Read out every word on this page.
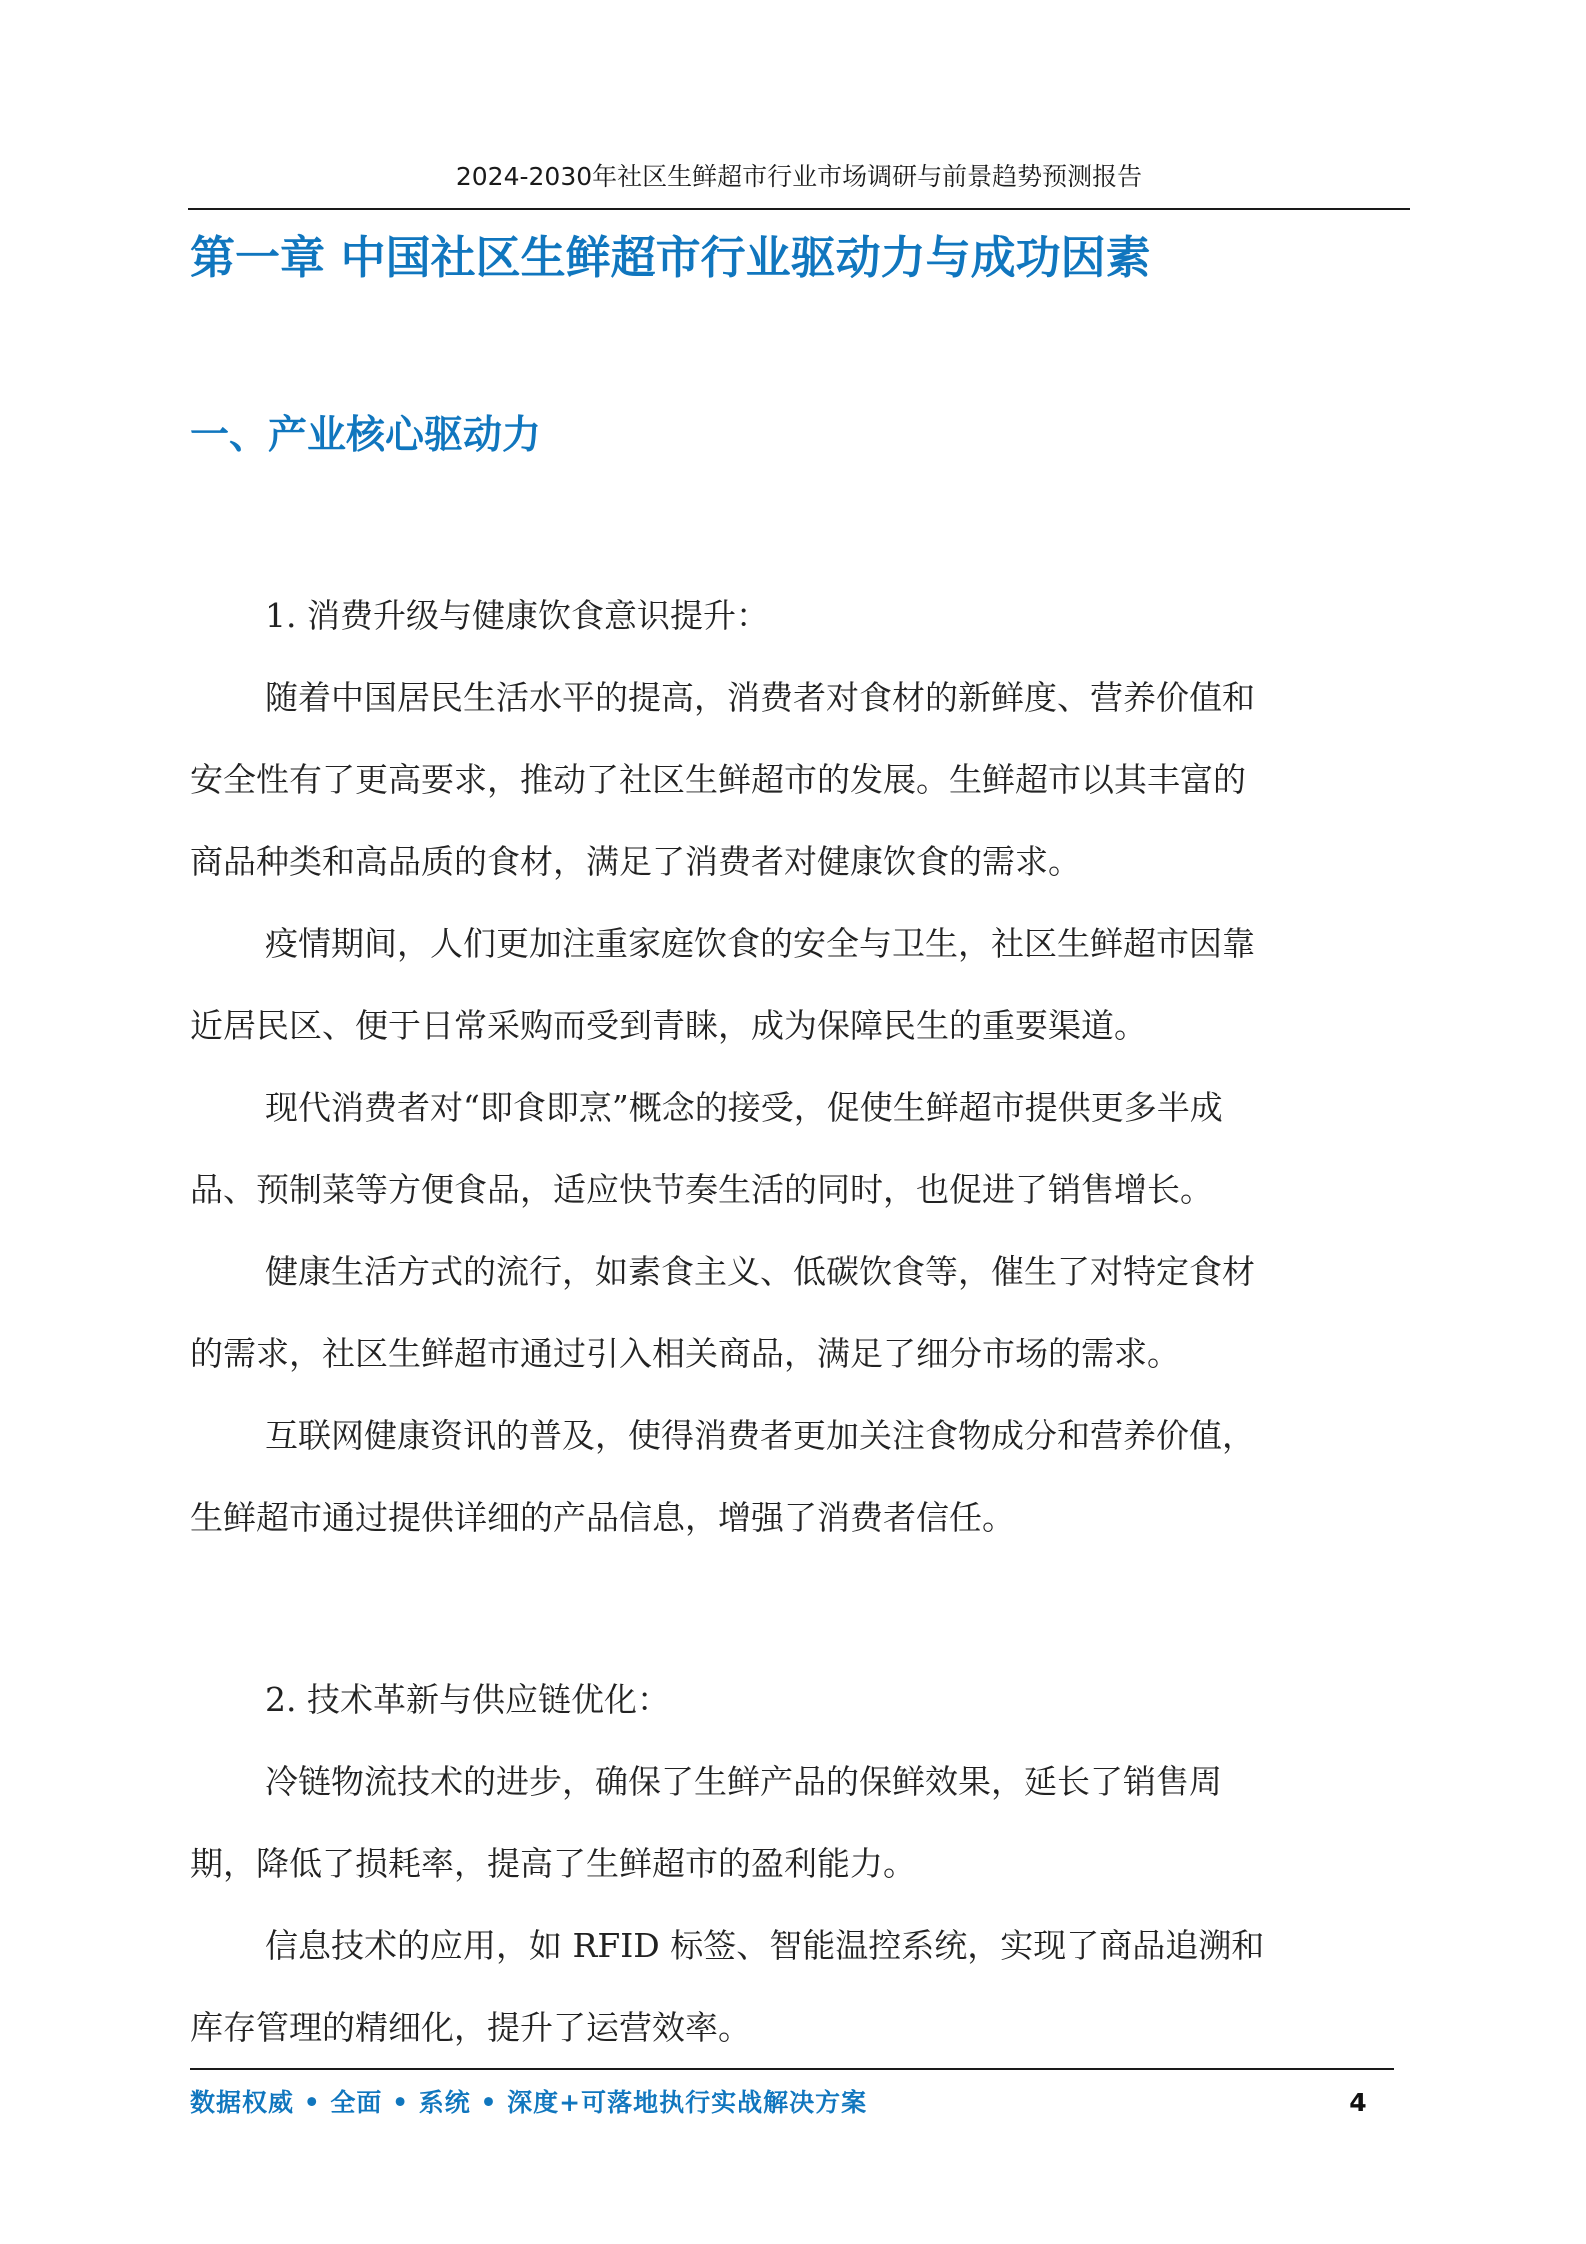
2024-2030年社区生鲜超市行业市场调研与前景趋势预测报告
第一章 中国社区生鲜超市行业驱动力与成功因素
一、产业核心驱动力

1. 消费升级与健康饮食意识提升：

随着中国居民生活水平的提高，消费者对食材的新鲜度、营养价值和

安全性有了更高要求，推动了社区生鲜超市的发展。生鲜超市以其丰富的

商品种类和高品质的食材，满足了消费者对健康饮食的需求。

疫情期间，人们更加注重家庭饮食的安全与卫生，社区生鲜超市因靠

近居民区、便于日常采购而受到青睐，成为保障民生的重要渠道。

现代消费者对“即食即烹”概念的接受，促使生鲜超市提供更多半成

品、预制菜等方便食品，适应快节奏生活的同时，也促进了销售增长。

健康生活方式的流行，如素食主义、低碳饮食等，催生了对特定食材

的需求，社区生鲜超市通过引入相关商品，满足了细分市场的需求。

互联网健康资讯的普及，使得消费者更加关注食物成分和营养价值，

生鲜超市通过提供详细的产品信息，增强了消费者信任。

2. 技术革新与供应链优化：

冷链物流技术的进步，确保了生鲜产品的保鲜效果，延长了销售周

期，降低了损耗率，提高了生鲜超市的盈利能力。

信息技术的应用，如 RFID 标签、智能温控系统，实现了商品追溯和

库存管理的精细化，提升了运营效率。

数据权威 • 全面 • 系统 • 深度+可落地执行实战解决方案	4
